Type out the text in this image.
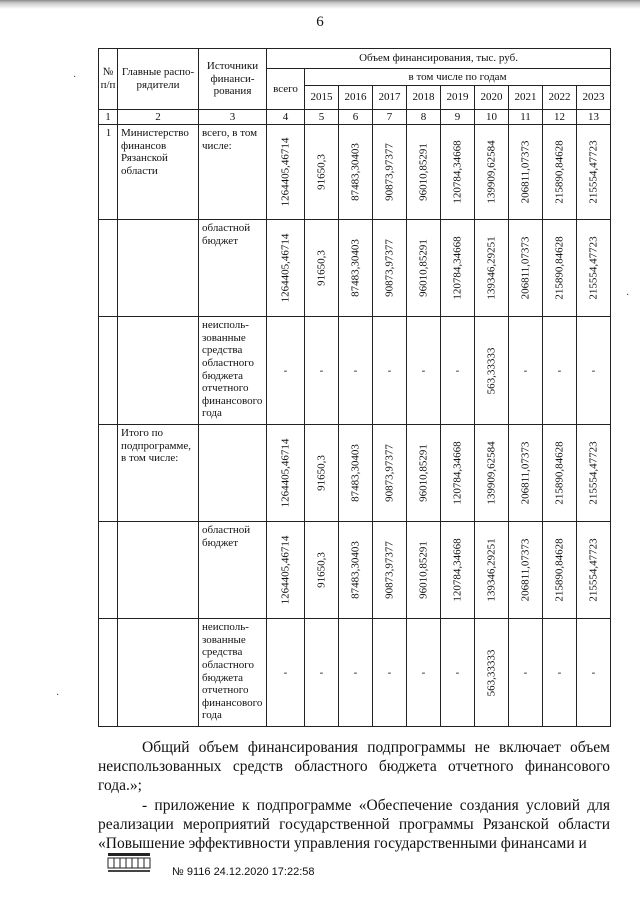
6
№ п/п	Главные распо- рядители	Источники финанси- рования	Объем финансирования, тыс. руб.									
			всего	в том числе по годам								
				2015	2016	2017	2018	2019	2020	2021	2022	2023
1	2	3	4	5	6	7	8	9	10	11	12	13
1	Министерство финансов Рязанской области	всего, в том числе:	1264405,46714	91650,3	87483,30403	90873,97377	96010,85291	120784,34668	139909,62584	206811,07373	215890,84628	215554,47723

		областной бюджет	1264405,46714	91650,3	87483,30403	90873,97377	96010,85291	120784,34668	139346,29251	206811,07373	215890,84628	215554,47723

		неисполь- зованные средства областного бюджета отчетного финансового года	-	-	-	-	-	-	563,33333	-	-	-

	Итого по подпрограмме, в том числе:		1264405,46714	91650,3	87483,30403	90873,97377	96010,85291	120784,34668	139909,62584	206811,07373	215890,84628	215554,47723

		областной бюджет	1264405,46714	91650,3	87483,30403	90873,97377	96010,85291	120784,34668	139346,29251	206811,07373	215890,84628	215554,47723

		неисполь- зованные средства областного бюджета отчетного финансового года	-	-	-	-	-	-	563,33333	-	-	-
Общий объем финансирования подпрограммы не включает объем неиспользованных средств областного бюджета отчетного финансового года.»;
- приложение к подпрограмме «Обеспечение создания условий для реализации мероприятий государственной программы Рязанской области «Повышение эффективности управления государственными финансами и
№ 9116 24.12.2020 17:22:58
·
·
·
